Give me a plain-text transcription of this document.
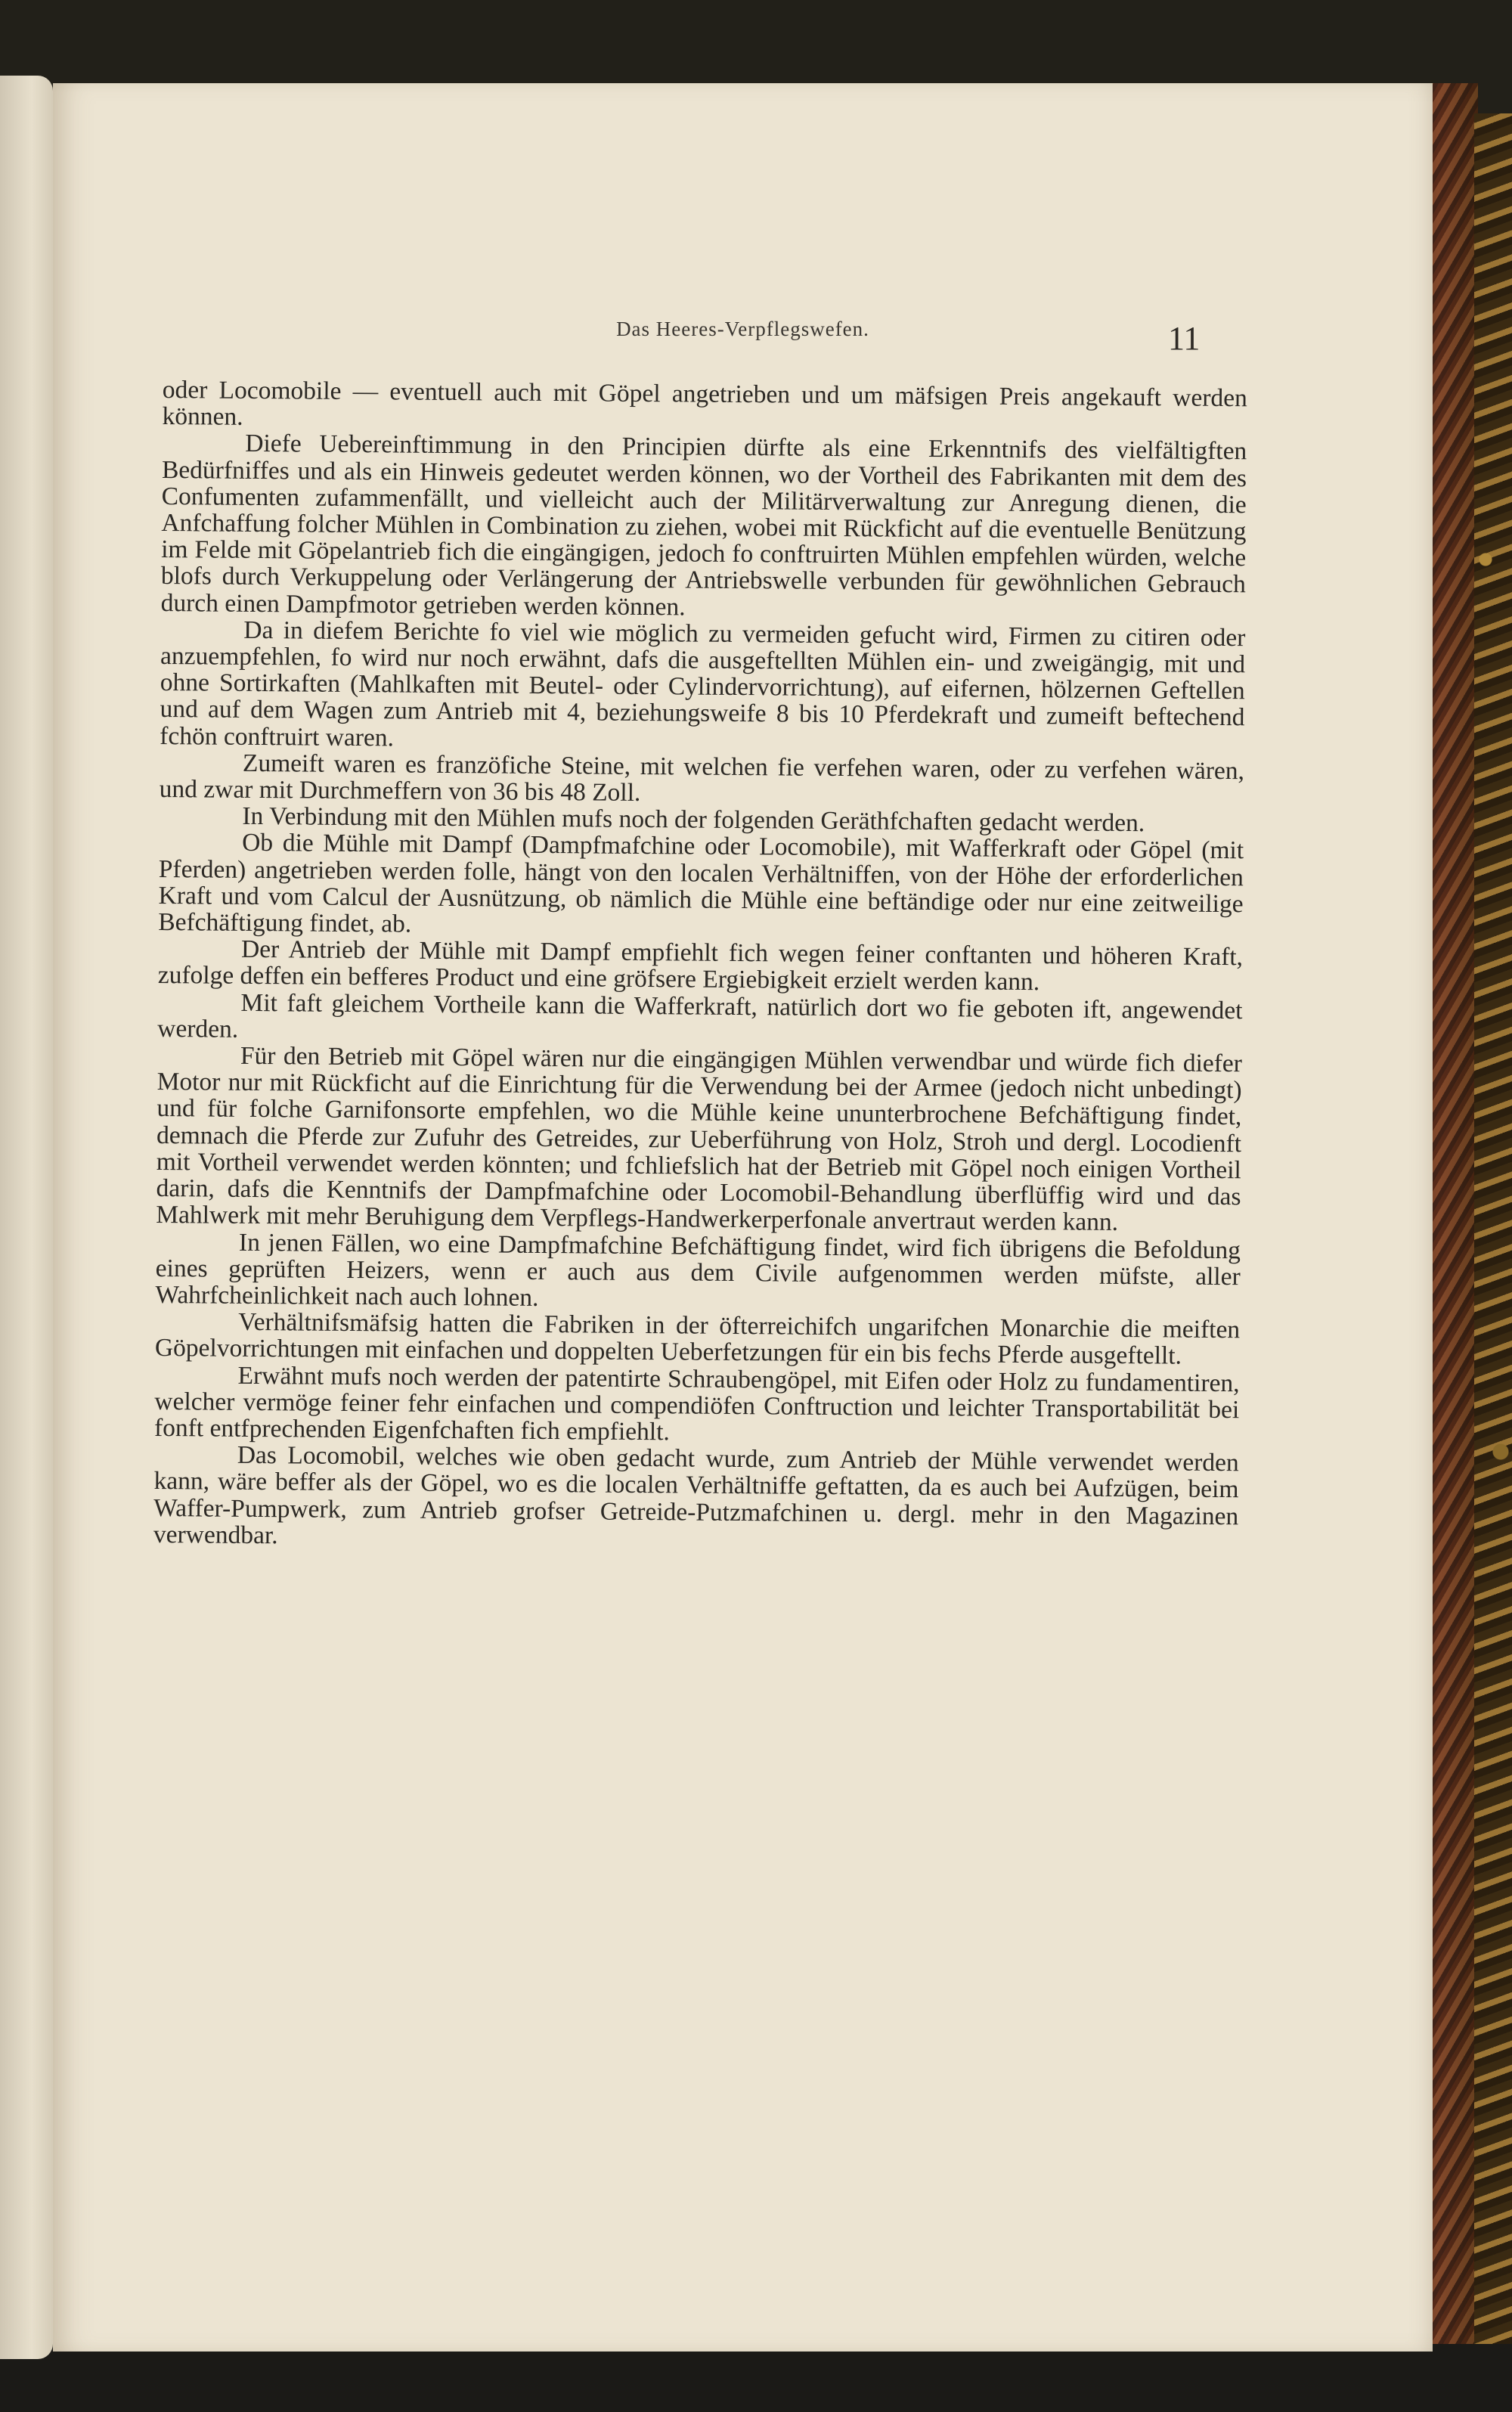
Das Heeres-Verpflegswefen.	11

oder Locomobile — eventuell auch mit Göpel angetrieben und um mäfsigen Preis angekauft werden können.

Diefe Uebereinftimmung in den Principien dürfte als eine Erkenntnifs des vielfältigften Bedürfniffes und als ein Hinweis gedeutet werden können, wo der Vortheil des Fabrikanten mit dem des Confumenten zufammenfällt, und vielleicht auch der Militärverwaltung zur Anregung dienen, die Anfchaffung folcher Mühlen in Combination zu ziehen, wobei mit Rückficht auf die eventuelle Benützung im Felde mit Göpelantrieb fich die eingängigen, jedoch fo conftruirten Mühlen empfehlen würden, welche blofs durch Verkuppelung oder Verlängerung der Antriebswelle verbunden für gewöhnlichen Gebrauch durch einen Dampfmotor getrieben werden können.

Da in diefem Berichte fo viel wie möglich zu vermeiden gefucht wird, Firmen zu citiren oder anzuempfehlen, fo wird nur noch erwähnt, dafs die ausgeftellten Mühlen ein- und zweigängig, mit und ohne Sortirkaften (Mahlkaften mit Beutel- oder Cylindervorrichtung), auf eifernen, hölzernen Geftellen und auf dem Wagen zum Antrieb mit 4, beziehungsweife 8 bis 10 Pferdekraft und zumeift beftechend fchön conftruirt waren.

Zumeift waren es franzöfiche Steine, mit welchen fie verfehen waren, oder zu verfehen wären, und zwar mit Durchmeffern von 36 bis 48 Zoll.

In Verbindung mit den Mühlen mufs noch der folgenden Geräthfchaften gedacht werden.

Ob die Mühle mit Dampf (Dampfmafchine oder Locomobile), mit Wafferkraft oder Göpel (mit Pferden) angetrieben werden folle, hängt von den localen Verhältniffen, von der Höhe der erforderlichen Kraft und vom Calcul der Ausnützung, ob nämlich die Mühle eine beftändige oder nur eine zeitweilige Befchäftigung findet, ab.

Der Antrieb der Mühle mit Dampf empfiehlt fich wegen feiner conftanten und höheren Kraft, zufolge deffen ein befferes Product und eine gröfsere Ergiebigkeit erzielt werden kann.

Mit faft gleichem Vortheile kann die Wafferkraft, natürlich dort wo fie geboten ift, angewendet werden.

Für den Betrieb mit Göpel wären nur die eingängigen Mühlen verwendbar und würde fich diefer Motor nur mit Rückficht auf die Einrichtung für die Verwendung bei der Armee (jedoch nicht unbedingt) und für folche Garnifonsorte empfehlen, wo die Mühle keine ununterbrochene Befchäftigung findet, demnach die Pferde zur Zufuhr des Getreides, zur Ueberführung von Holz, Stroh und dergl. Locodienft mit Vortheil verwendet werden könnten; und fchliefslich hat der Betrieb mit Göpel noch einigen Vortheil darin, dafs die Kenntnifs der Dampfmafchine oder Locomobil-Behandlung überflüffig wird und das Mahlwerk mit mehr Beruhigung dem Verpflegs-Handwerkerperfonale anvertraut werden kann.

In jenen Fällen, wo eine Dampfmafchine Befchäftigung findet, wird fich übrigens die Befoldung eines geprüften Heizers, wenn er auch aus dem Civile aufgenommen werden müfste, aller Wahrfcheinlichkeit nach auch lohnen.

Verhältnifsmäfsig hatten die Fabriken in der öfterreichifch ungarifchen Monarchie die meiften Göpelvorrichtungen mit einfachen und doppelten Ueberfetzungen für ein bis fechs Pferde ausgeftellt.

Erwähnt mufs noch werden der patentirte Schraubengöpel, mit Eifen oder Holz zu fundamentiren, welcher vermöge feiner fehr einfachen und compendiöfen Conftruction und leichter Transportabilität bei fonft entfprechenden Eigenfchaften fich empfiehlt.

Das Locomobil, welches wie oben gedacht wurde, zum Antrieb der Mühle verwendet werden kann, wäre beffer als der Göpel, wo es die localen Verhältniffe geftatten, da es auch bei Aufzügen, beim Waffer-Pumpwerk, zum Antrieb grofser Getreide-Putzmafchinen u. dergl. mehr in den Magazinen verwendbar.
